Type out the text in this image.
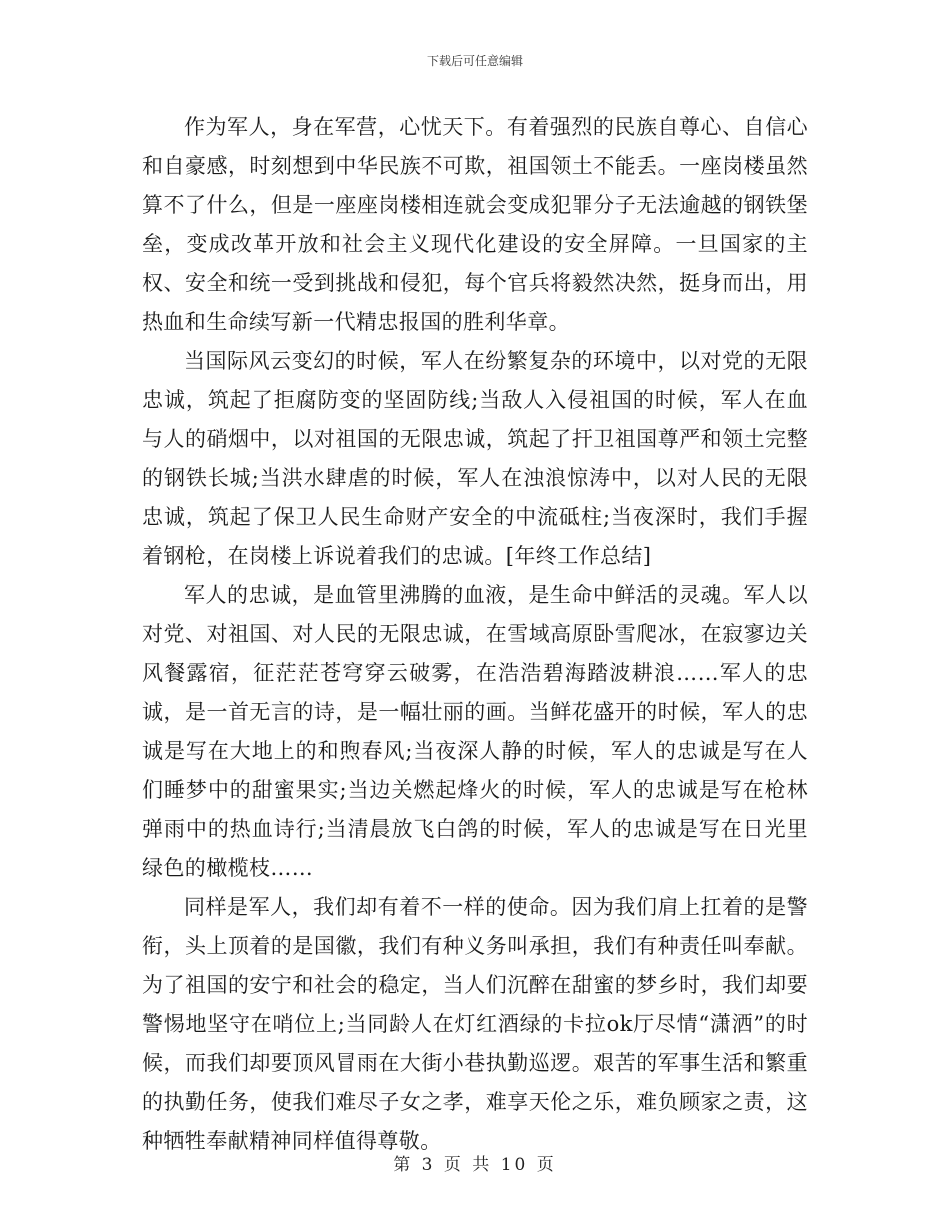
下载后可任意编辑

作为军人，身在军营，心忧天下。有着强烈的民族自尊心、自信心和自豪感，时刻想到中华民族不可欺，祖国领土不能丢。一座岗楼虽然算不了什么，但是一座座岗楼相连就会变成犯罪分子无法逾越的钢铁堡垒，变成改革开放和社会主义现代化建设的安全屏障。一旦国家的主权、安全和统一受到挑战和侵犯，每个官兵将毅然决然，挺身而出，用热血和生命续写新一代精忠报国的胜利华章。

当国际风云变幻的时候，军人在纷繁复杂的环境中，以对党的无限忠诚，筑起了拒腐防变的坚固防线;当敌人入侵祖国的时候，军人在血与人的硝烟中，以对祖国的无限忠诚，筑起了扞卫祖国尊严和领土完整的钢铁长城;当洪水肆虐的时候，军人在浊浪惊涛中，以对人民的无限忠诚，筑起了保卫人民生命财产安全的中流砥柱;当夜深时，我们手握着钢枪，在岗楼上诉说着我们的忠诚。[年终工作总结]

军人的忠诚，是血管里沸腾的血液，是生命中鲜活的灵魂。军人以对党、对祖国、对人民的无限忠诚，在雪域高原卧雪爬冰，在寂寥边关风餐露宿，征茫茫苍穹穿云破雾，在浩浩碧海踏波耕浪……军人的忠诚，是一首无言的诗，是一幅壮丽的画。当鲜花盛开的时候，军人的忠诚是写在大地上的和煦春风;当夜深人静的时候，军人的忠诚是写在人们睡梦中的甜蜜果实;当边关燃起烽火的时候，军人的忠诚是写在枪林弹雨中的热血诗行;当清晨放飞白鸽的时候，军人的忠诚是写在日光里绿色的橄榄枝……

同样是军人，我们却有着不一样的使命。因为我们肩上扛着的是警衔，头上顶着的是国徽，我们有种义务叫承担，我们有种责任叫奉献。为了祖国的安宁和社会的稳定，当人们沉醉在甜蜜的梦乡时，我们却要警惕地坚守在哨位上;当同龄人在灯红酒绿的卡拉ok厅尽情“潇洒”的时候，而我们却要顶风冒雨在大街小巷执勤巡逻。艰苦的军事生活和繁重的执勤任务，使我们难尽子女之孝，难享天伦之乐，难负顾家之责，这种牺牲奉献精神同样值得尊敬。

第 3 页 共 10 页
